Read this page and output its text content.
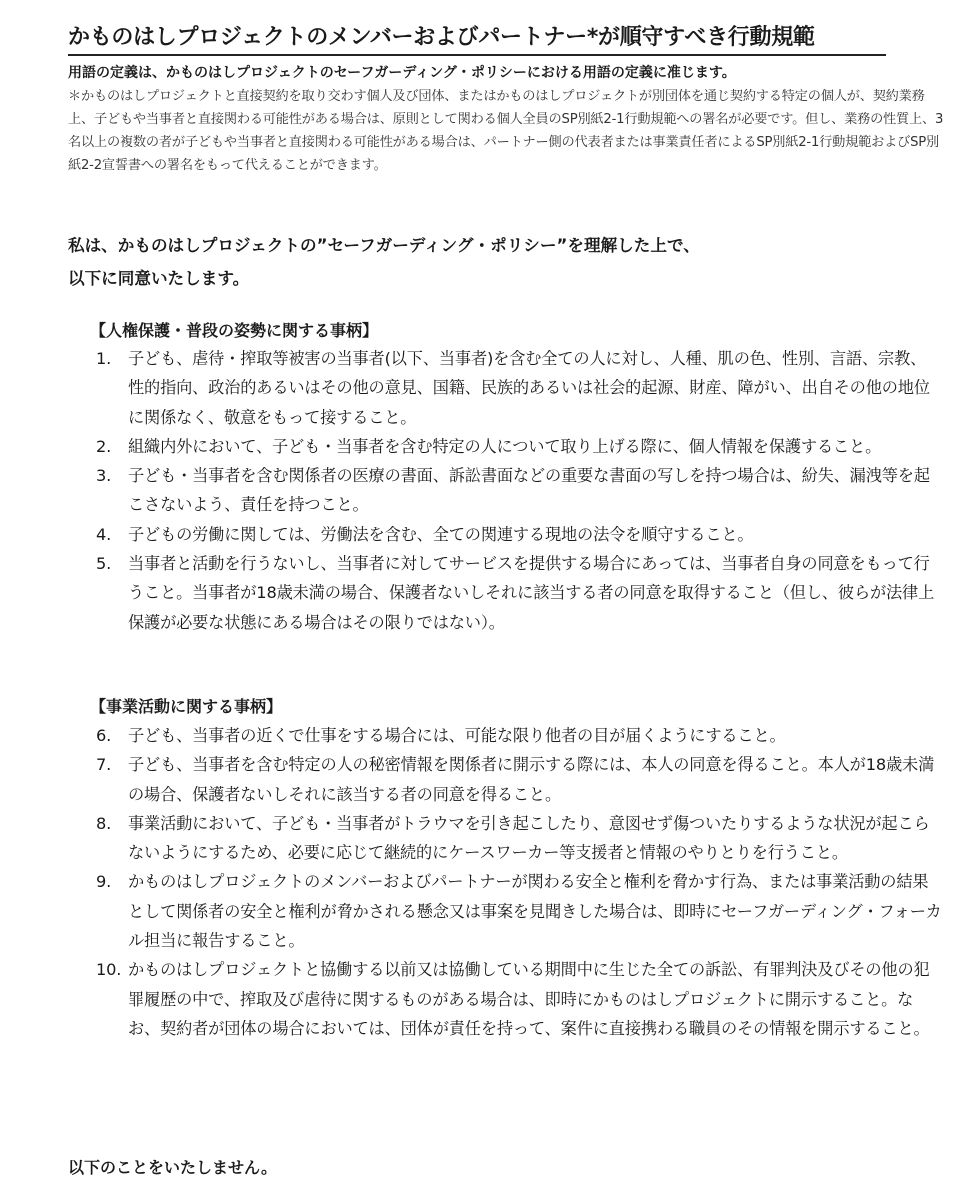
かものはしプロジェクトのメンバーおよびパートナー*が順守すべき行動規範

用語の定義は、かものはしプロジェクトのセーフガーディング・ポリシーにおける用語の定義に准じます。

＊かものはしプロジェクトと直接契約を取り交わす個人及び団体、またはかものはしプロジェクトが別団体を通じ契約する特定の個人が、契約業務上、子どもや当事者と直接関わる可能性がある場合は、原則として関わる個人全員のSP別紙2-1行動規範への署名が必要です。但し、業務の性質上、3名以上の複数の者が子どもや当事者と直接関わる可能性がある場合は、パートナー側の代表者または事業責任者によるSP別紙2-1行動規範およびSP別紙2-2宣誓書への署名をもって代えることができます。

私は、かものはしプロジェクトの”セーフガーディング・ポリシー”を理解した上で、
以下に同意いたします。

【人権保護・普段の姿勢に関する事柄】
1. 子ども、虐待・搾取等被害の当事者(以下、当事者)を含む全ての人に対し、人種、肌の色、性別、言語、宗教、性的指向、政治的あるいはその他の意見、国籍、民族的あるいは社会的起源、財産、障がい、出自その他の地位に関係なく、敬意をもって接すること。
2. 組織内外において、子ども・当事者を含む特定の人について取り上げる際に、個人情報を保護すること。
3. 子ども・当事者を含む関係者の医療の書面、訴訟書面などの重要な書面の写しを持つ場合は、紛失、漏洩等を起こさないよう、責任を持つこと。
4. 子どもの労働に関しては、労働法を含む、全ての関連する現地の法令を順守すること。
5. 当事者と活動を行うないし、当事者に対してサービスを提供する場合にあっては、当事者自身の同意をもって行うこと。当事者が18歳未満の場合、保護者ないしそれに該当する者の同意を取得すること（但し、彼らが法律上保護が必要な状態にある場合はその限りではない）。
【事業活動に関する事柄】
6. 子ども、当事者の近くで仕事をする場合には、可能な限り他者の目が届くようにすること。
7. 子ども、当事者を含む特定の人の秘密情報を関係者に開示する際には、本人の同意を得ること。本人が18歳未満の場合、保護者ないしそれに該当する者の同意を得ること。
8. 事業活動において、子ども・当事者がトラウマを引き起こしたり、意図せず傷ついたりするような状況が起こらないようにするため、必要に応じて継続的にケースワーカー等支援者と情報のやりとりを行うこと。
9. かものはしプロジェクトのメンバーおよびパートナーが関わる安全と権利を脅かす行為、または事業活動の結果として関係者の安全と権利が脅かされる懸念又は事案を見聞きした場合は、即時にセーフガーディング・フォーカル担当に報告すること。
10. かものはしプロジェクトと協働する以前又は協働している期間中に生じた全ての訴訟、有罪判決及びその他の犯罪履歴の中で、搾取及び虐待に関するものがある場合は、即時にかものはしプロジェクトに開示すること。なお、契約者が団体の場合においては、団体が責任を持って、案件に直接携わる職員のその情報を開示すること。

以下のことをいたしません。
